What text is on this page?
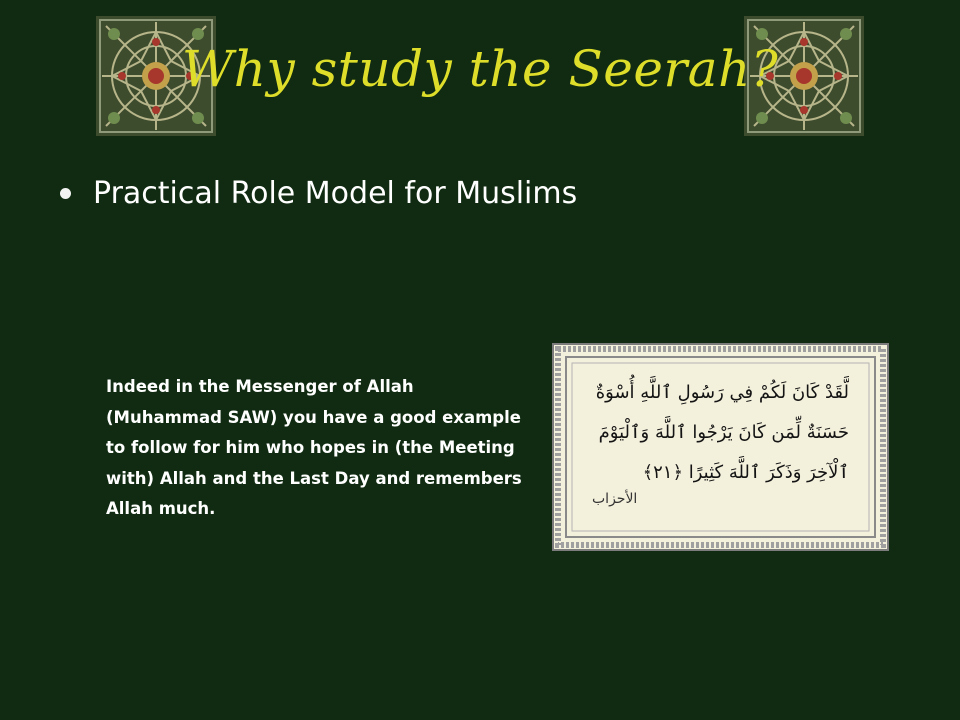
Why study the Seerah?
Practical Role Model for Muslims
Indeed in the Messenger of Allah (Muhammad SAW) you have a good example to follow for him who hopes in (the Meeting with) Allah and the Last Day and remembers Allah much.
لَّقَدْ كَانَ لَكُمْ فِي رَسُولِ ٱللَّهِ أُسْوَةٌ
حَسَنَةٌ لِّمَن كَانَ يَرْجُوا ٱللَّهَ وَٱلْيَوْمَ
ٱلْآخِرَ وَذَكَرَ ٱللَّهَ كَثِيرًا ﴿٢١﴾
الأحزاب
